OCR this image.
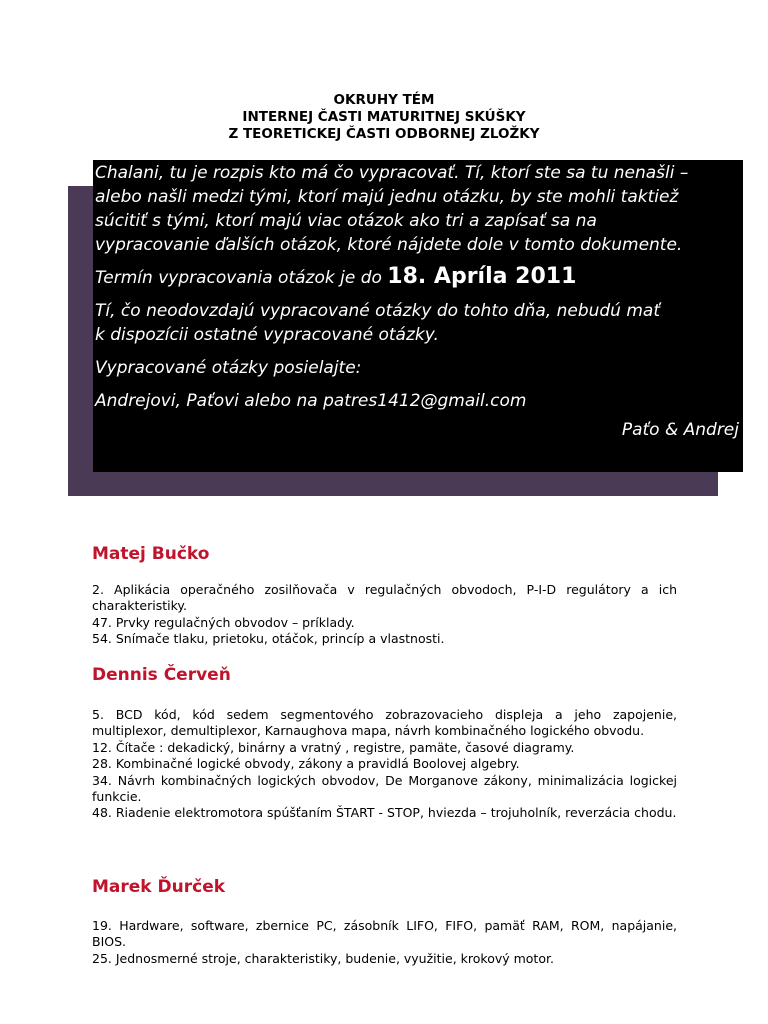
OKRUHY TÉM
INTERNEJ ČASTI MATURITNEJ SKÚŠKY
Z TEORETICKEJ ČASTI ODBORNEJ ZLOŽKY

Chalani, tu je rozpis kto má čo vypracovať. Tí, ktorí ste sa tu nenašli –
alebo našli medzi tými, ktorí majú jednu otázku, by ste mohli taktiež
súcitiť s tými, ktorí majú viac otázok ako tri a zapísať sa na
vypracovanie ďalších otázok, ktoré nájdete dole v tomto dokumente.

Termín vypracovania otázok je do 18. Apríla 2011

Tí, čo neodovzdajú vypracované otázky do tohto dňa, nebudú mať
k dispozícii ostatné vypracované otázky.

Vypracované otázky posielajte:

Andrejovi, Paťovi alebo na patres1412@gmail.com

Paťo & Andrej

Matej Bučko
2. Aplikácia operačného zosilňovača v regulačných obvodoch, P-I-D regulátory a ich charakteristiky.
47. Prvky regulačných obvodov – príklady.
54. Snímače tlaku, prietoku, otáčok, princíp a vlastnosti.
Dennis Červeň
5. BCD kód, kód sedem segmentového zobrazovacieho displeja a jeho zapojenie, multiplexor, demultiplexor, Karnaughova mapa, návrh kombinačného logického obvodu.
12. Čítače : dekadický, binárny a vratný , registre, pamäte, časové diagramy.
28. Kombinačné logické obvody, zákony a pravidlá Boolovej algebry.
34. Návrh kombinačných logických obvodov, De Morganove zákony, minimalizácia logickej funkcie.
48. Riadenie elektromotora spúšťaním ŠTART - STOP, hviezda – trojuholník, reverzácia chodu.
Marek Ďurček
19. Hardware, software, zbernice PC, zásobník LIFO, FIFO, pamäť RAM, ROM, napájanie, BIOS.
25. Jednosmerné stroje, charakteristiky, budenie, využitie, krokový motor.
